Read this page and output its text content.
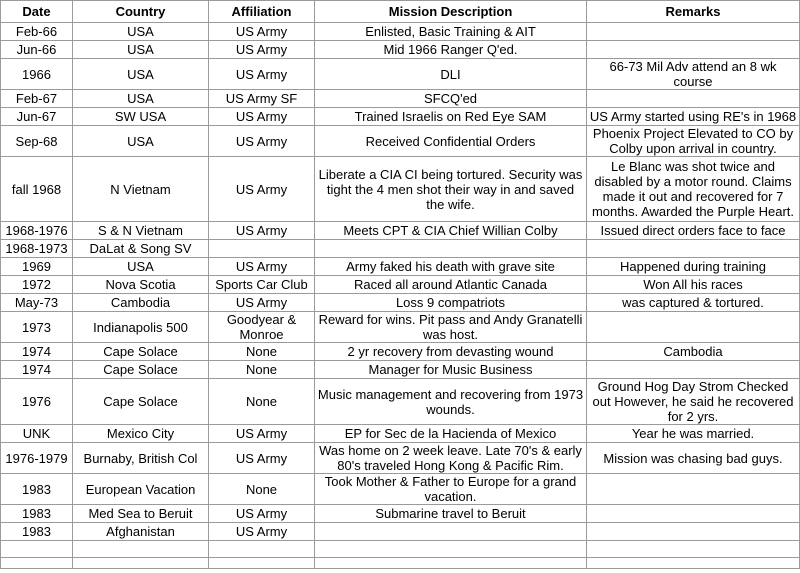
Date	Country	Affiliation	Mission Description	Remarks
Feb-66	USA	US Army	Enlisted, Basic Training & AIT	
Jun-66	USA	US Army	Mid 1966 Ranger Q'ed.	
1966	USA	US Army	DLI	66-73 Mil Adv attend an 8 wk course
Feb-67	USA	US Army SF	SFCQ'ed	
Jun-67	SW USA	US Army	Trained Israelis on Red Eye SAM	US Army started using RE's in 1968
Sep-68	USA	US Army	Received Confidential Orders	Phoenix Project Elevated to CO by Colby upon arrival in country.
fall 1968	N Vietnam	US Army	Liberate a CIA CI being tortured. Security was tight the 4 men shot their way in and saved the wife.	Le Blanc was shot twice and disabled by a motor round. Claims made it out and recovered for 7 months. Awarded the Purple Heart.
1968-1976	S & N Vietnam	US Army	Meets CPT & CIA Chief Willian Colby	Issued direct orders face to face
1968-1973	DaLat & Song SV			
1969	USA	US Army	Army faked his death with grave site	Happened during training
1972	Nova Scotia	Sports Car Club	Raced all around Atlantic Canada	Won All his races
May-73	Cambodia	US Army	Loss 9 compatriots	was captured & tortured.
1973	Indianapolis 500	Goodyear & Monroe	Reward for wins. Pit pass and Andy Granatelli was host.	
1974	Cape Solace	None	2 yr recovery from devasting wound	Cambodia
1974	Cape Solace	None	Manager for Music Business	
1976	Cape Solace	None	Music management and recovering from 1973 wounds.	Ground Hog Day Strom Checked out However, he said he recovered for 2 yrs.
UNK	Mexico City	US Army	EP for Sec de la Hacienda of Mexico	Year he was married.
1976-1979	Burnaby, British Col	US Army	Was home on 2 week leave. Late 70's & early 80's traveled Hong Kong & Pacific Rim.	Mission was chasing bad guys.
1983	European Vacation	None	Took Mother & Father to Europe for a grand vacation.	
1983	Med Sea to Beruit	US Army	Submarine travel to Beruit	
1983	Afghanistan	US Army		
